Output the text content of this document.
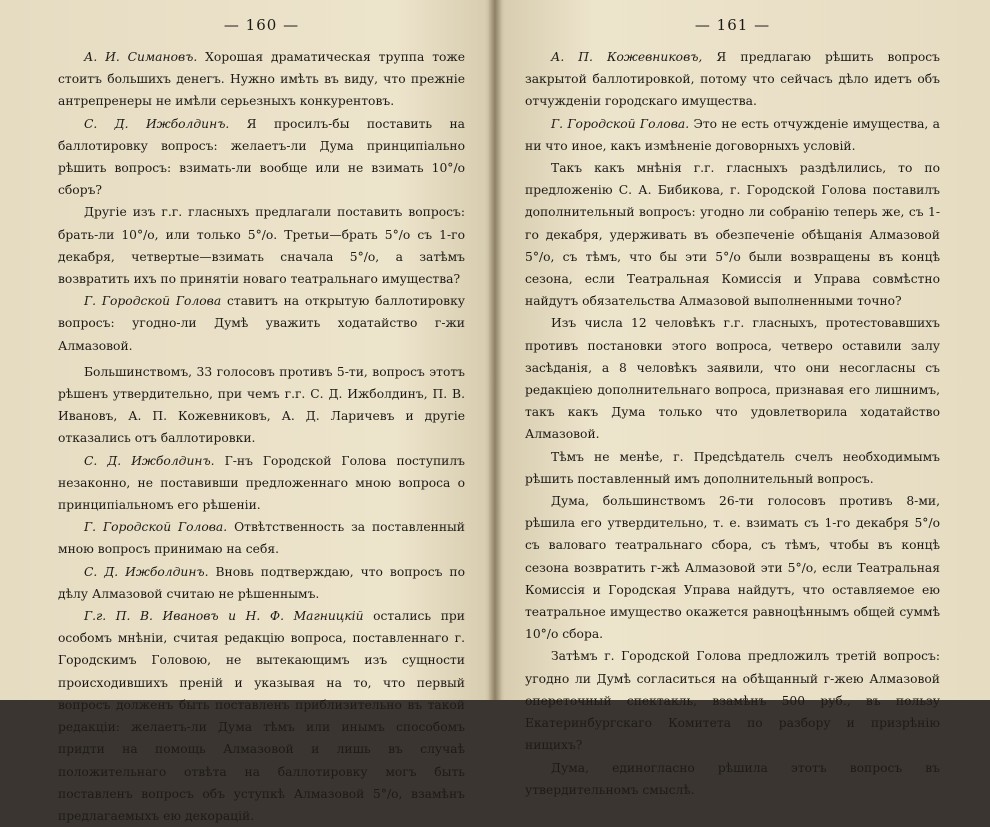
— 160 —

А. И. Симановъ. Хорошая драматическая труппа тоже стоитъ большихъ денегъ. Нужно имѣть въ виду, что прежніе антрепренеры не имѣли серьезныхъ конкурентовъ.

С. Д. Ижболдинъ. Я просилъ-бы поставить на баллотировку вопросъ: желаетъ-ли Дума принципіально рѣшить вопросъ: взимать-ли вообще или не взимать 10°/о сборъ?

Другіе изъ г.г. гласныхъ предлагали поставить вопросъ: брать-ли 10°/о, или только 5°/о. Третьи—брать 5°/о съ 1-го декабря, четвертые—взимать сначала 5°/о, а затѣмъ возвратить ихъ по принятіи новаго театральнаго имущества?

Г. Городской Голова ставитъ на открытую баллотировку вопросъ: угодно-ли Думѣ уважить ходатайство г-жи Алмазовой.

Большинствомъ, 33 голосовъ противъ 5-ти, вопросъ этотъ рѣшенъ утвердительно, при чемъ г.г. С. Д. Ижболдинъ, П. В. Ивановъ, А. П. Кожевниковъ, А. Д. Ларичевъ и другіе отказались отъ баллотировки.

С. Д. Ижболдинъ. Г-нъ Городской Голова поступилъ незаконно, не поставивши предложеннаго мною вопроса о принципіальномъ его рѣшеніи.

Г. Городской Голова. Отвѣтственность за поставленный мною вопросъ принимаю на себя.

С. Д. Ижболдинъ. Вновь подтверждаю, что вопросъ по дѣлу Алмазовой считаю не рѣшеннымъ.

Г.г. П. В. Ивановъ и Н. Ф. Магницкій остались при особомъ мнѣніи, считая редакцію вопроса, поставленнаго г. Городскимъ Головою, не вытекающимъ изъ сущности происходившихъ преній и указывая на то, что первый вопросъ долженъ быть поставленъ приблизительно въ такой редакціи: желаетъ-ли Дума тѣмъ или инымъ способомъ придти на помощь Алмазовой и лишь въ случаѣ положительнаго отвѣта на баллотировку могъ быть поставленъ вопросъ объ уступкѣ Алмазовой 5°/о, взамѣнъ предлагаемыхъ ею декорацій.

— 161 —

А. П. Кожевниковъ, Я предлагаю рѣшить вопросъ закрытой баллотировкой, потому что сейчасъ дѣло идетъ объ отчужденіи городскаго имущества.

Г. Городской Голова. Это не есть отчужденіе имущества, а ни что иное, какъ измѣненіе договорныхъ условій.

Такъ какъ мнѣнія г.г. гласныхъ раздѣлились, то по предложенію С. А. Бибикова, г. Городской Голова поставилъ дополнительный вопросъ: угодно ли собранію теперь же, съ 1-го декабря, удерживать въ обезпеченіе обѣщанія Алмазовой 5°/о, съ тѣмъ, что бы эти 5°/о были возвращены въ концѣ сезона, если Театральная Комиссія и Управа совмѣстно найдутъ обязательства Алмазовой выполненными точно?

Изъ числа 12 человѣкъ г.г. гласныхъ, протестовавшихъ противъ постановки этого вопроса, четверо оставили залу засѣданія, а 8 человѣкъ заявили, что они несогласны съ редакціею дополнительнаго вопроса, признавая его лишнимъ, такъ какъ Дума только что удовлетворила ходатайство Алмазовой.

Тѣмъ не менѣе, г. Предсѣдатель счелъ необходимымъ рѣшить поставленный имъ дополнительный вопросъ.

Дума, большинствомъ 26-ти голосовъ противъ 8-ми, рѣшила его утвердительно, т. е. взимать съ 1-го декабря 5°/о съ валоваго театральнаго сбора, съ тѣмъ, чтобы въ концѣ сезона возвратить г-жѣ Алмазовой эти 5°/о, если Театральная Комиссія и Городская Управа найдутъ, что оставляемое ею театральное имущество окажется равноцѣннымъ общей суммѣ 10°/о сбора.

Затѣмъ г. Городской Голова предложилъ третій вопросъ: угодно ли Думѣ согласиться на обѣщанный г-жею Алмазовой опереточный спектакль, взамѣнъ 500 руб., въ пользу Екатеринбургскаго Комитета по разбору и призрѣнію нищихъ?

Дума, единогласно рѣшила этотъ вопросъ въ утвердительномъ смыслѣ.
